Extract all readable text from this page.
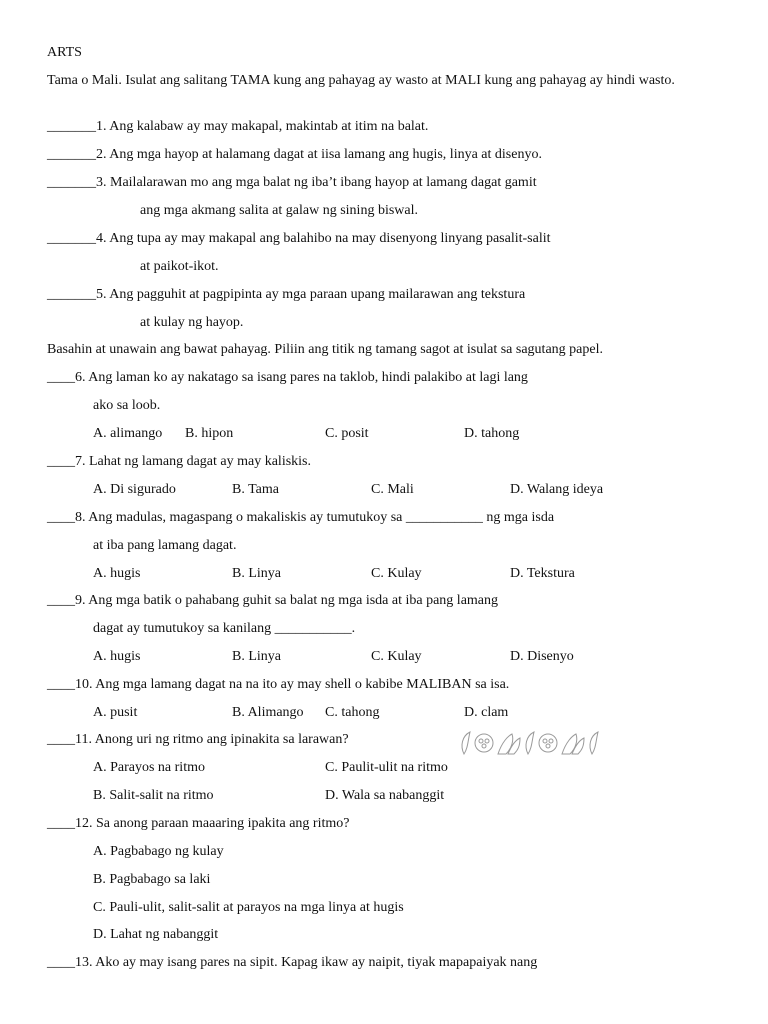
ARTS
Tama o Mali. Isulat ang salitang TAMA kung ang pahayag ay wasto at MALI kung ang pahayag ay hindi wasto.
_______1. Ang kalabaw ay may makapal, makintab at itim na balat.
_______2. Ang mga hayop at halamang dagat at iisa lamang ang hugis, linya at disenyo.
_______3. Mailalarawan mo ang mga balat ng iba’t ibang hayop at lamang dagat gamit
ang mga akmang salita at galaw ng sining biswal.
_______4. Ang tupa ay may makapal ang balahibo na may disenyong linyang pasalit-salit
at paikot-ikot.
_______5. Ang pagguhit at pagpipinta ay mga paraan upang mailarawan ang tekstura
at kulay ng hayop.
Basahin at unawain ang bawat pahayag. Piliin ang titik ng tamang sagot at isulat sa sagutang papel.
____6. Ang laman ko ay nakatago sa isang pares na taklob, hindi palakibo at lagi lang
ako sa loob.
A. alimango B. hipon	C. posit	D. tahong
____7. Lahat ng lamang dagat ay may kaliskis.
A. Di sigurado	B. Tama	C. Mali	D. Walang ideya
____8. Ang madulas, magaspang o makaliskis ay tumutukoy sa ___________ ng mga isda
at iba pang lamang dagat.
A. hugis	B. Linya	C. Kulay	D. Tekstura
____9. Ang mga batik o pahabang guhit sa balat ng mga isda at iba pang lamang
dagat ay tumutukoy sa kanilang ___________.
A. hugis	B. Linya	C. Kulay	D. Disenyo
____10. Ang mga lamang dagat na na ito ay may shell o kabibe MALIBAN sa isa.
A. pusit	B. Alimango C. tahong	D. clam
____11. Anong uri ng ritmo ang ipinakita sa larawan?
A. Parayos na ritmo	C. Paulit-ulit na ritmo
B. Salit-salit na ritmo	D. Wala sa nabanggit
____12. Sa anong paraan maaaring ipakita ang ritmo?
A. Pagbabago ng kulay
B. Pagbabago sa laki
C. Pauli-ulit, salit-salit at parayos na mga linya at hugis
D. Lahat ng nabanggit
____13. Ako ay may isang pares na sipit. Kapag ikaw ay naipit, tiyak mapapaiyak nang
